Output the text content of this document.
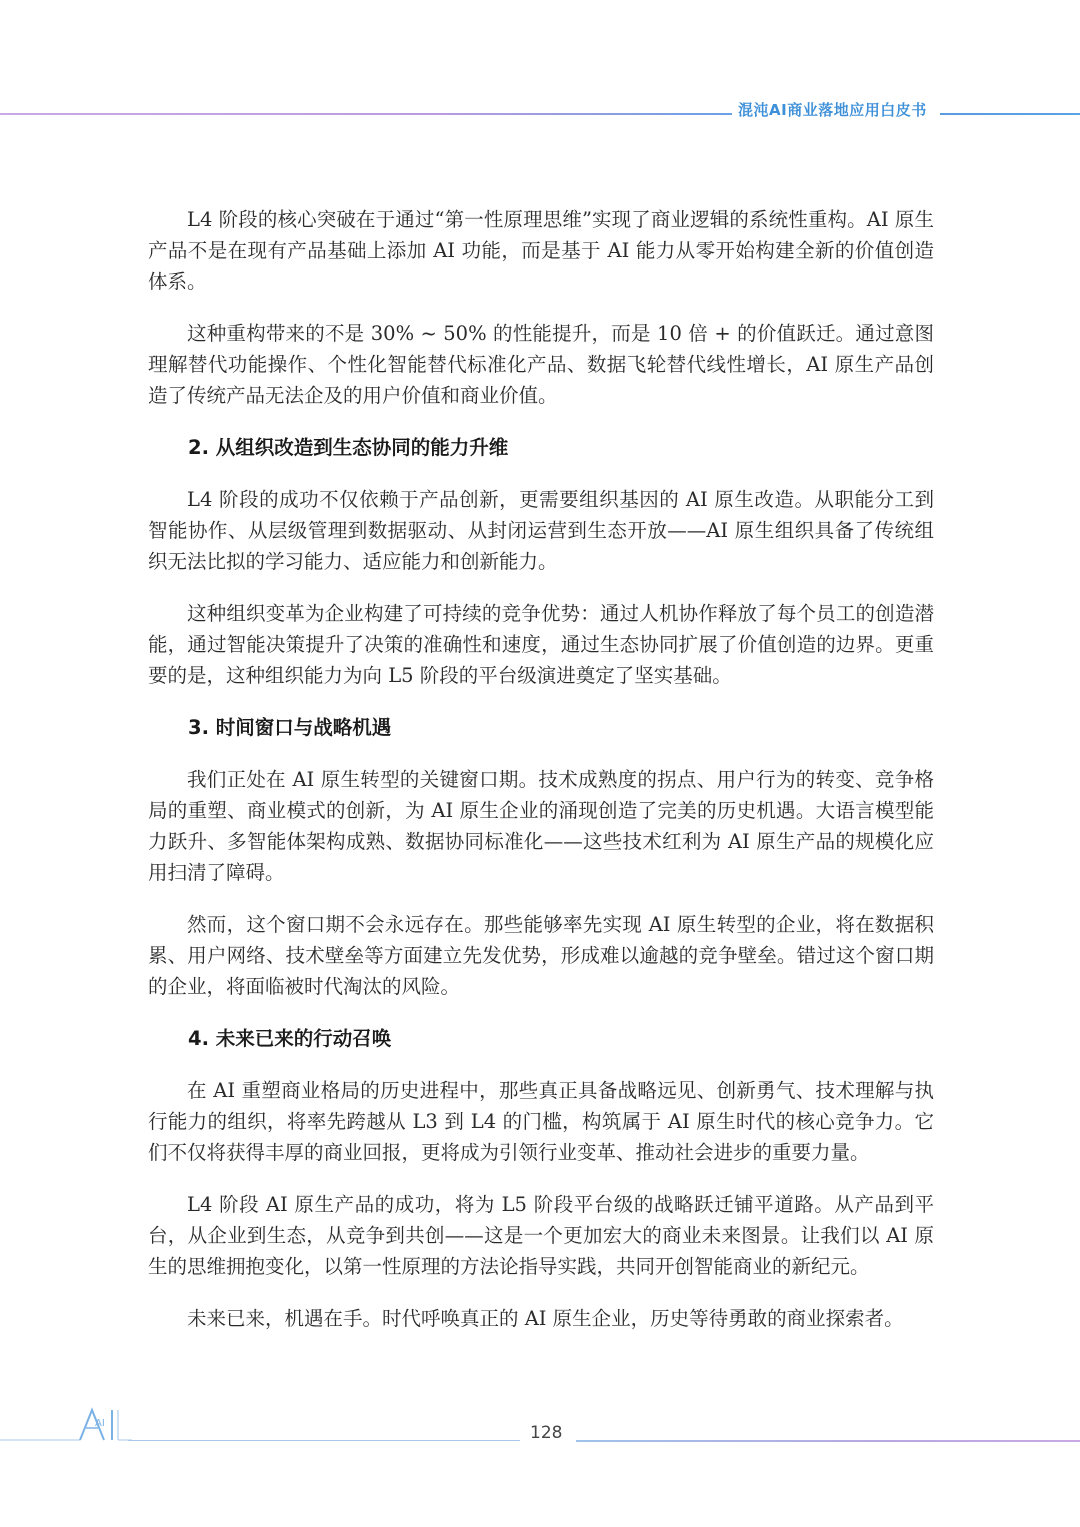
混沌AI商业落地应用白皮书

L4 阶段的核心突破在于通过“第一性原理思维”实现了商业逻辑的系统性重构。AI 原生产品不是在现有产品基础上添加 AI 功能，而是基于 AI 能力从零开始构建全新的价值创造体系。

这种重构带来的不是 30% ~ 50% 的性能提升，而是 10 倍 + 的价值跃迁。通过意图理解替代功能操作、个性化智能替代标准化产品、数据飞轮替代线性增长，AI 原生产品创造了传统产品无法企及的用户价值和商业价值。

2. 从组织改造到生态协同的能力升维

L4 阶段的成功不仅依赖于产品创新，更需要组织基因的 AI 原生改造。从职能分工到智能协作、从层级管理到数据驱动、从封闭运营到生态开放——AI 原生组织具备了传统组织无法比拟的学习能力、适应能力和创新能力。

这种组织变革为企业构建了可持续的竞争优势：通过人机协作释放了每个员工的创造潜能，通过智能决策提升了决策的准确性和速度，通过生态协同扩展了价值创造的边界。更重要的是，这种组织能力为向 L5 阶段的平台级演进奠定了坚实基础。

3. 时间窗口与战略机遇

我们正处在 AI 原生转型的关键窗口期。技术成熟度的拐点、用户行为的转变、竞争格局的重塑、商业模式的创新，为 AI 原生企业的涌现创造了完美的历史机遇。大语言模型能力跃升、多智能体架构成熟、数据协同标准化——这些技术红利为 AI 原生产品的规模化应用扫清了障碍。

然而，这个窗口期不会永远存在。那些能够率先实现 AI 原生转型的企业，将在数据积累、用户网络、技术壁垒等方面建立先发优势，形成难以逾越的竞争壁垒。错过这个窗口期的企业，将面临被时代淘汰的风险。

4. 未来已来的行动召唤

在 AI 重塑商业格局的历史进程中，那些真正具备战略远见、创新勇气、技术理解与执行能力的组织，将率先跨越从 L3 到 L4 的门槛，构筑属于 AI 原生时代的核心竞争力。它们不仅将获得丰厚的商业回报，更将成为引领行业变革、推动社会进步的重要力量。

L4 阶段 AI 原生产品的成功，将为 L5 阶段平台级的战略跃迁铺平道路。从产品到平台，从企业到生态，从竞争到共创——这是一个更加宏大的商业未来图景。让我们以 AI 原生的思维拥抱变化，以第一性原理的方法论指导实践，共同开创智能商业的新纪元。

未来已来，机遇在手。时代呼唤真正的 AI 原生企业，历史等待勇敢的商业探索者。

AI	128
